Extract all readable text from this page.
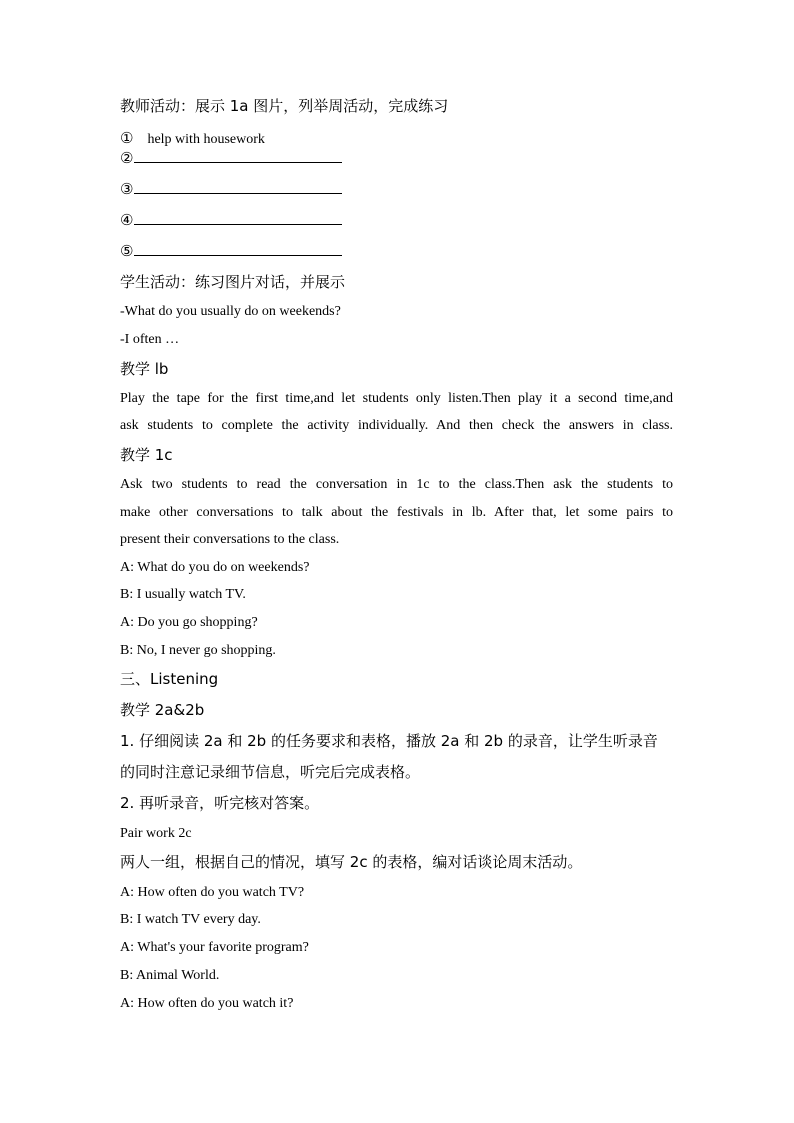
教师活动：展示 1a 图片，列举周活动，完成练习
① help with housework
②
③
④
⑤
学生活动：练习图片对话，并展示
-What do you usually do on weekends?
-I often …
教学 lb
Play the tape for the first time,and let students only listen.Then play it a second time,and
ask students to complete the activity individually. And then check the answers in class.
教学 1c
Ask two students to read the conversation in 1c to the class.Then ask the students to
make other conversations to talk about the festivals in lb. After that, let some pairs to
present their conversations to the class.
A: What do you do on weekends?
B: I usually watch TV.
A: Do you go shopping?
B: No, I never go shopping.
三、Listening
教学 2a&2b
1. 仔细阅读 2a 和 2b 的任务要求和表格，播放 2a 和 2b 的录音，让学生听录音
的同时注意记录细节信息，听完后完成表格。
2. 再听录音，听完核对答案。
Pair work 2c
两人一组，根据自己的情况，填写 2c 的表格，编对话谈论周末活动。
A: How often do you watch TV?
B: I watch TV every day.
A: What's your favorite program?
B: Animal World.
A: How often do you watch it?
